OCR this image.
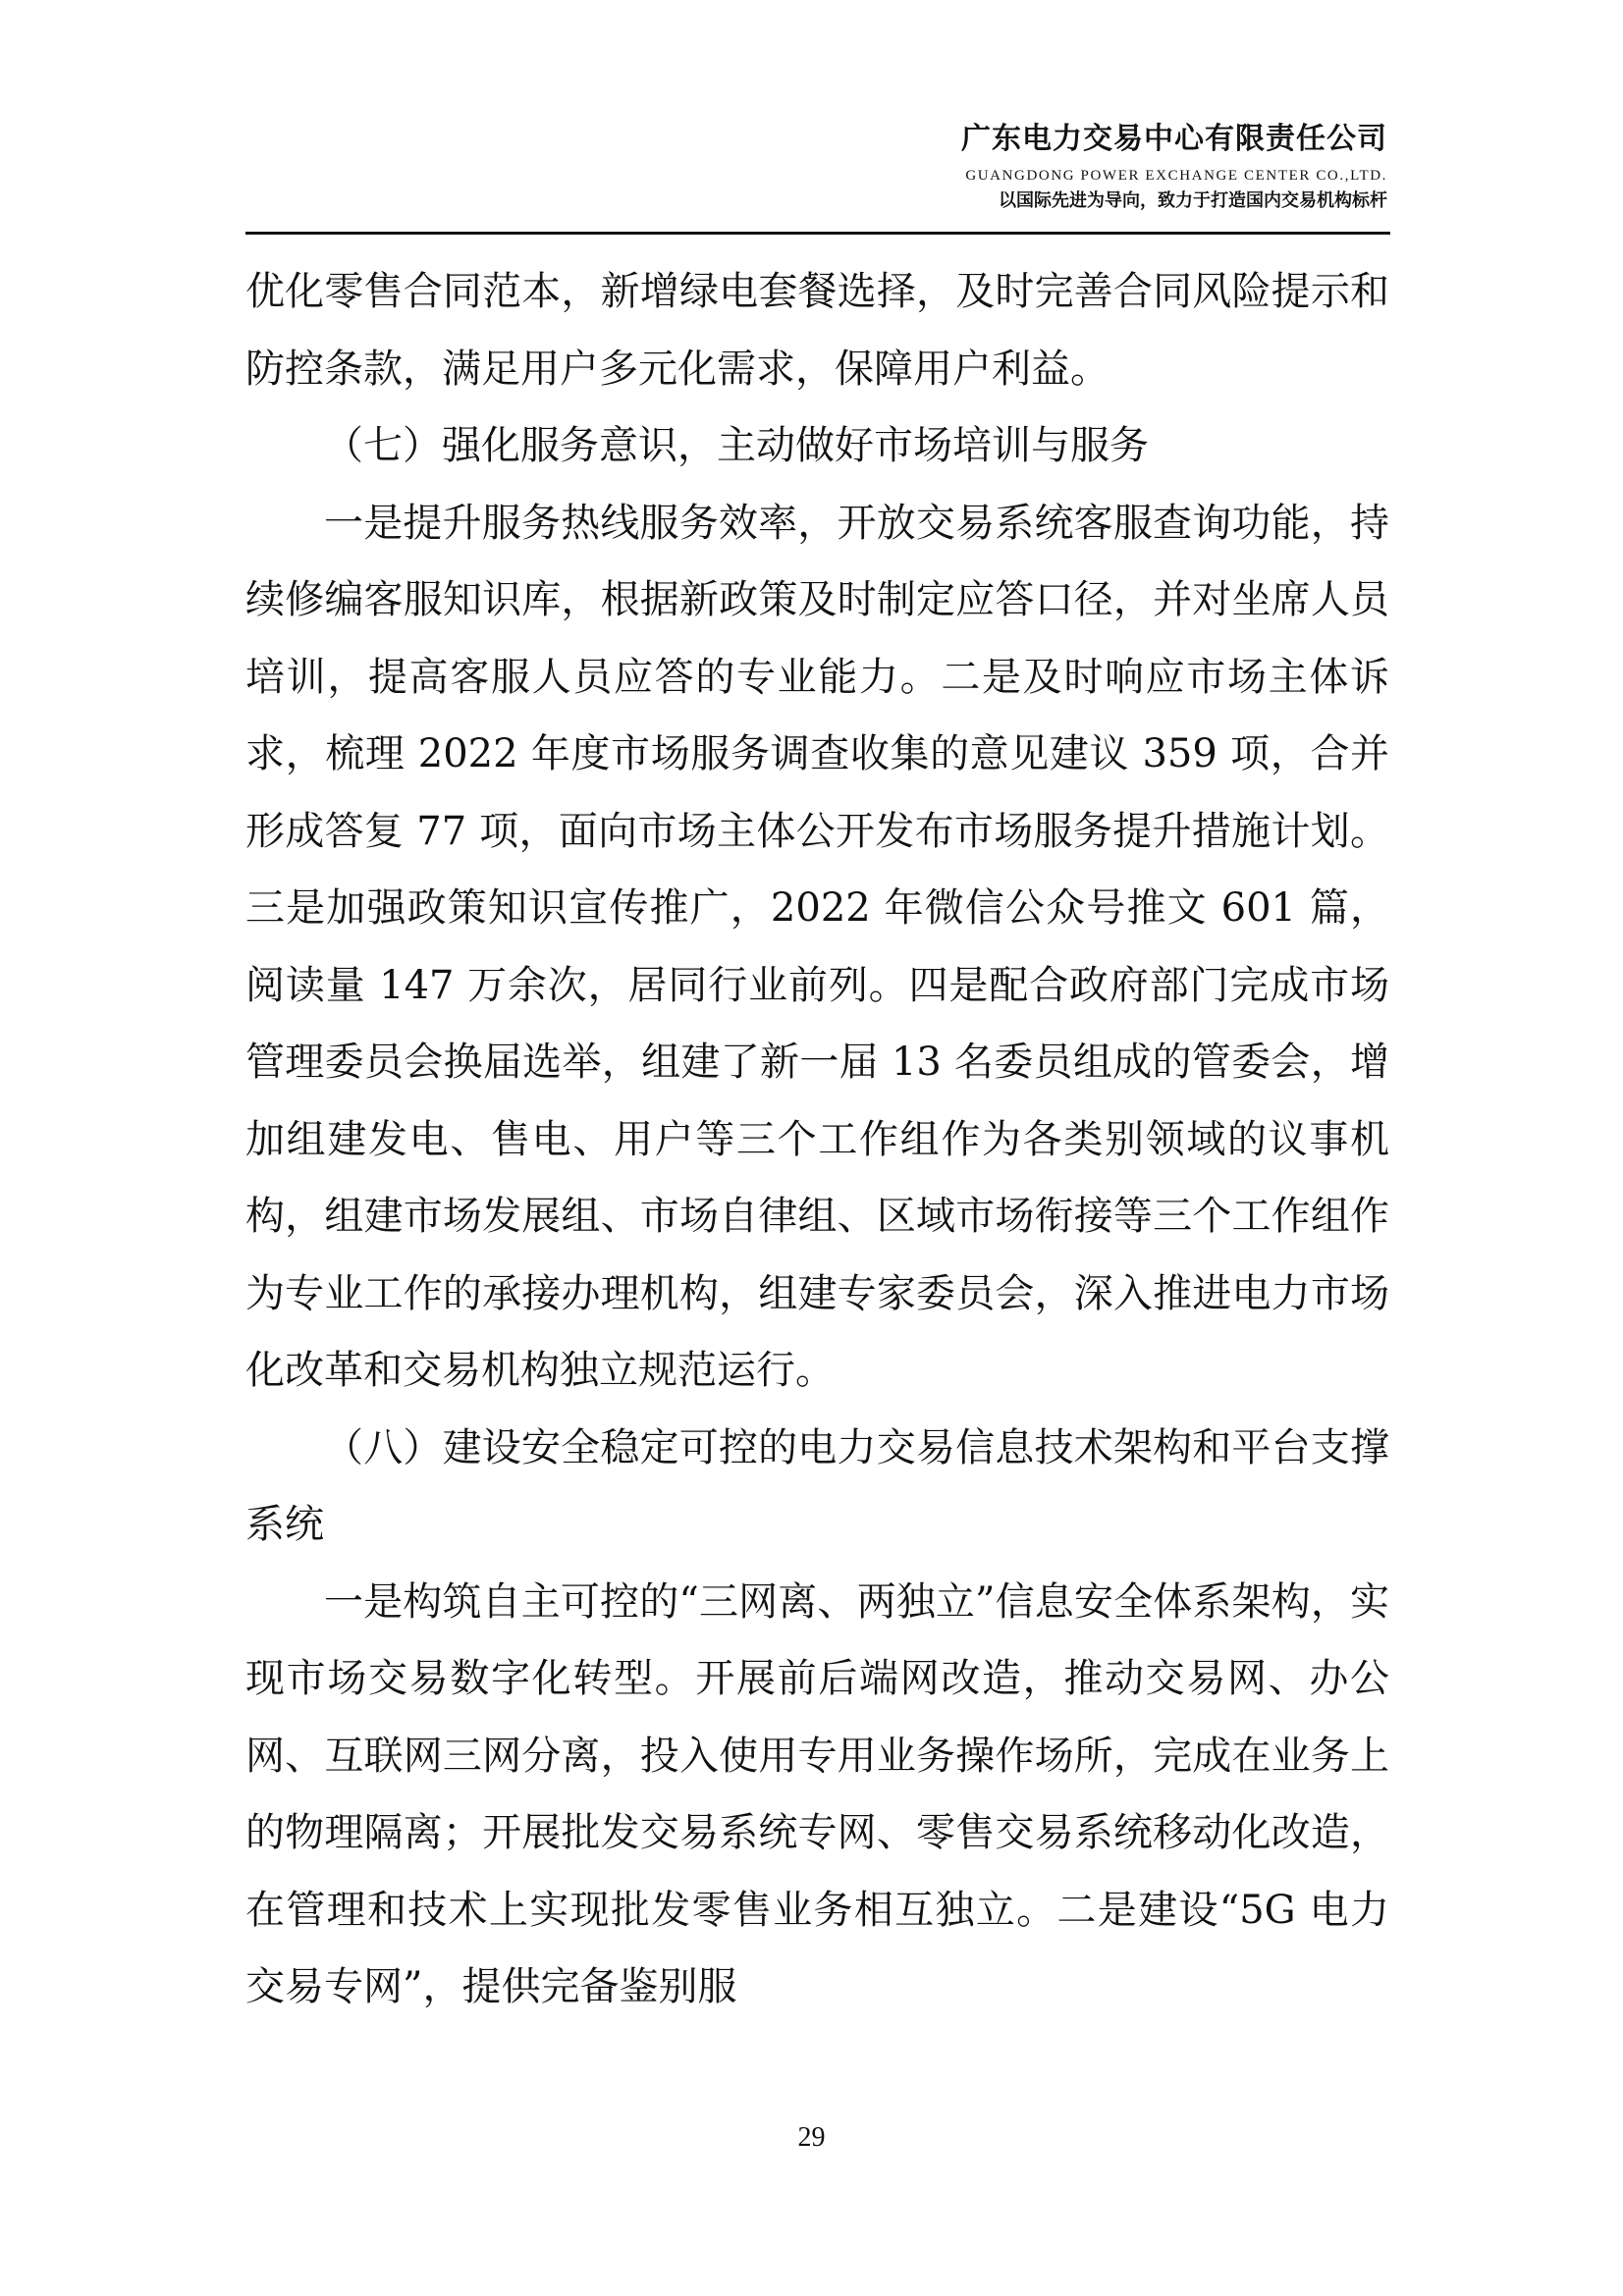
广东电力交易中心有限责任公司
GUANGDONG POWER EXCHANGE CENTER CO.,LTD.
以国际先进为导向，致力于打造国内交易机构标杆

优化零售合同范本，新增绿电套餐选择，及时完善合同风险提示和防控条款，满足用户多元化需求，保障用户利益。

（七）强化服务意识，主动做好市场培训与服务

一是提升服务热线服务效率，开放交易系统客服查询功能，持续修编客服知识库，根据新政策及时制定应答口径，并对坐席人员培训，提高客服人员应答的专业能力。二是及时响应市场主体诉求，梳理 2022 年度市场服务调查收集的意见建议 359 项，合并形成答复 77 项，面向市场主体公开发布市场服务提升措施计划。三是加强政策知识宣传推广，2022 年微信公众号推文 601 篇，阅读量 147 万余次，居同行业前列。四是配合政府部门完成市场管理委员会换届选举，组建了新一届 13 名委员组成的管委会，增加组建发电、售电、用户等三个工作组作为各类别领域的议事机构，组建市场发展组、市场自律组、区域市场衔接等三个工作组作为专业工作的承接办理机构，组建专家委员会，深入推进电力市场化改革和交易机构独立规范运行。

（八）建设安全稳定可控的电力交易信息技术架构和平台支撑系统

一是构筑自主可控的“三网离、两独立”信息安全体系架构，实现市场交易数字化转型。开展前后端网改造，推动交易网、办公网、互联网三网分离，投入使用专用业务操作场所，完成在业务上的物理隔离；开展批发交易系统专网、零售交易系统移动化改造，在管理和技术上实现批发零售业务相互独立。二是建设“5G 电力交易专网”，提供完备鉴别服

29
